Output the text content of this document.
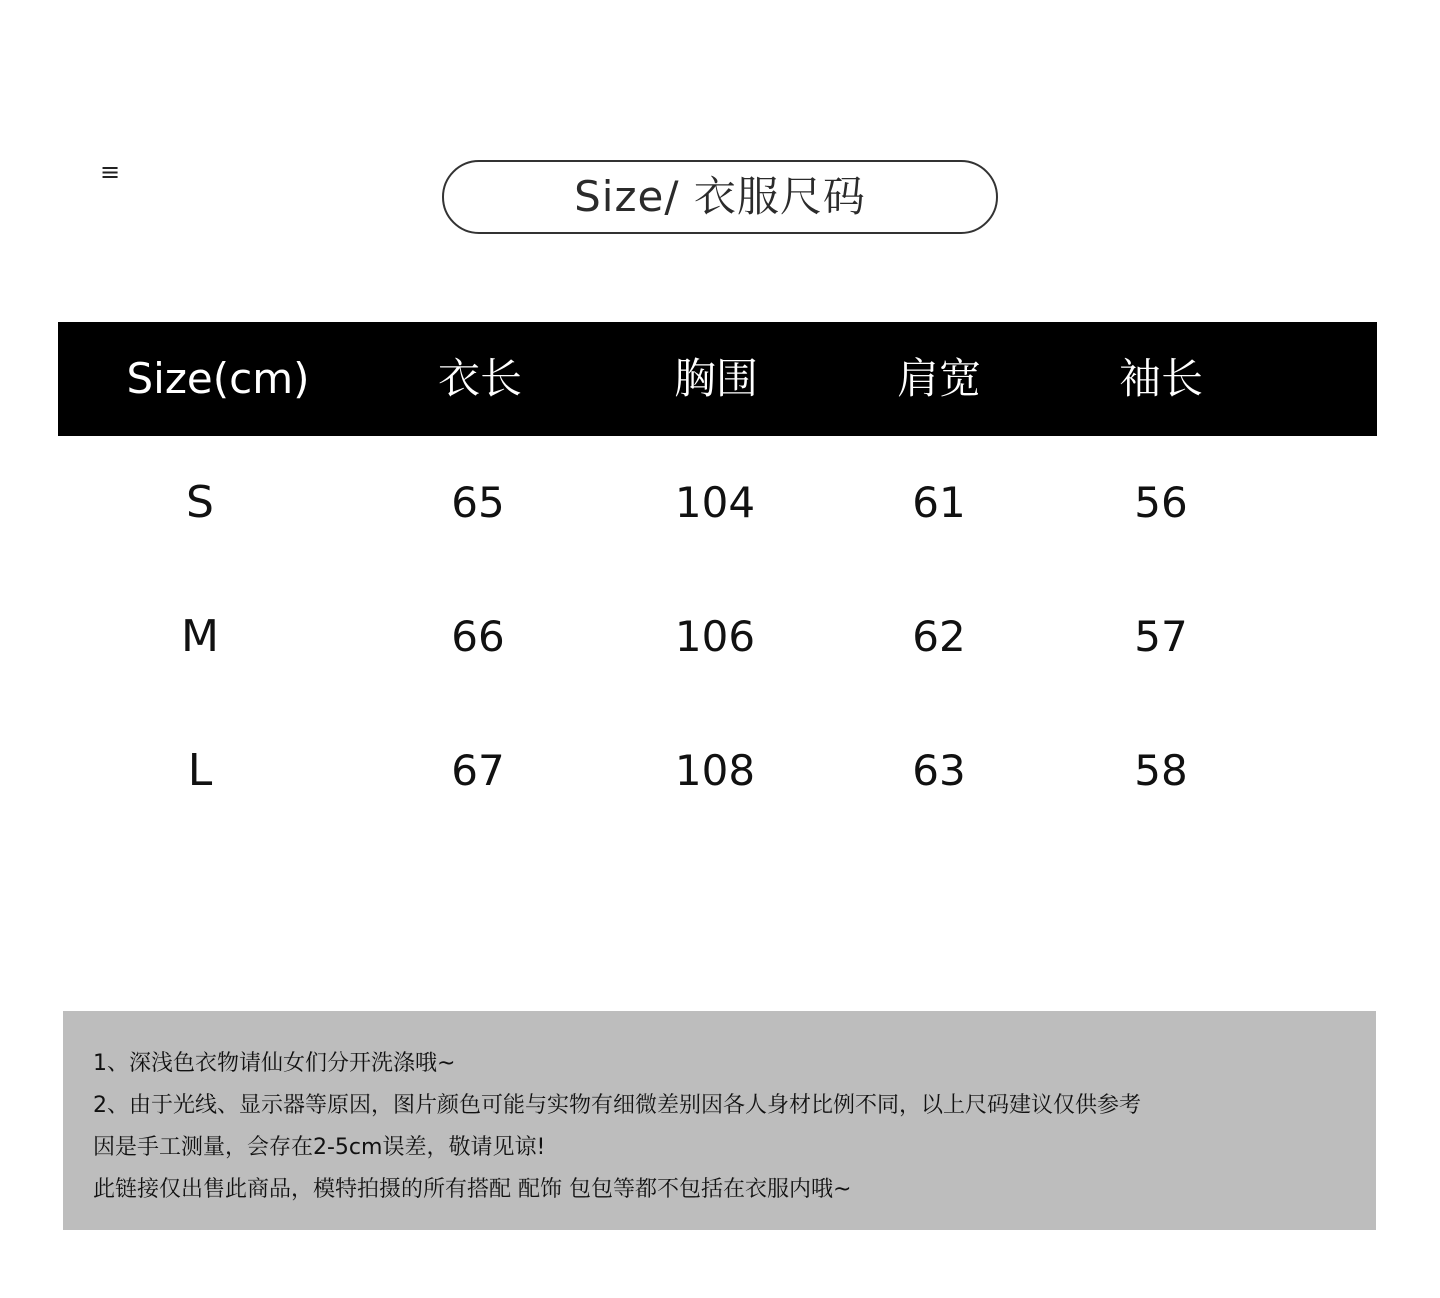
≡	Size/ 衣服尺码
Size(cm)	衣长	胸围	肩宽	袖长
S	65	104	61	56
M	66	106	62	57
L	67	108	63	58
1、深浅色衣物请仙女们分开洗涤哦~
2、由于光线、显示器等原因，图片颜色可能与实物有细微差别因各人身材比例不同，以上尺码建议仅供参考
因是手工测量，会存在2-5cm误差，敬请见谅!
此链接仅出售此商品，模特拍摄的所有搭配 配饰 包包等都不包括在衣服内哦~
